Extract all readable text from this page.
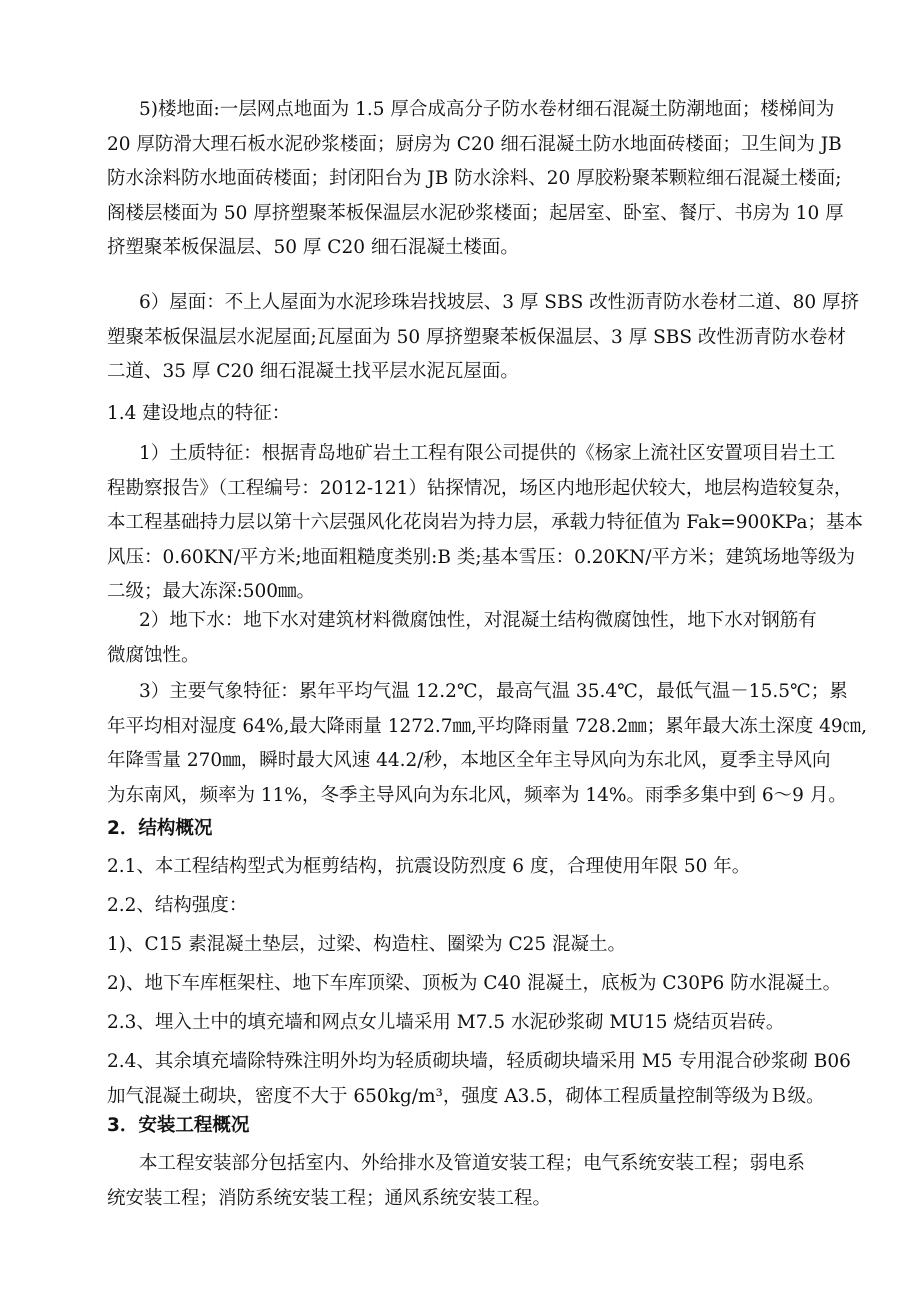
5)楼地面:一层网点地面为 1.5 厚合成高分子防水卷材细石混凝土防潮地面；楼梯间为
20 厚防滑大理石板水泥砂浆楼面；厨房为 C20 细石混凝土防水地面砖楼面；卫生间为 JB
防水涂料防水地面砖楼面；封闭阳台为 JB 防水涂料、20 厚胶粉聚苯颗粒细石混凝土楼面;
阁楼层楼面为 50 厚挤塑聚苯板保温层水泥砂浆楼面；起居室、卧室、餐厅、书房为 10 厚
挤塑聚苯板保温层、50 厚 C20 细石混凝土楼面。
6）屋面：不上人屋面为水泥珍珠岩找坡层、3 厚 SBS 改性沥青防水卷材二道、80 厚挤
塑聚苯板保温层水泥屋面;瓦屋面为 50 厚挤塑聚苯板保温层、3 厚 SBS 改性沥青防水卷材
二道、35 厚 C20 细石混凝土找平层水泥瓦屋面。
1.4 建设地点的特征：
1）土质特征：根据青岛地矿岩土工程有限公司提供的《杨家上流社区安置项目岩土工
程勘察报告》（工程编号：2012-121）钻探情况，场区内地形起伏较大，地层构造较复杂，
本工程基础持力层以第十六层强风化花岗岩为持力层，承载力特征值为 Fak=900KPa；基本
风压：0.60KN/平方米;地面粗糙度类别:B 类;基本雪压：0.20KN/平方米；建筑场地等级为
二级；最大冻深:500㎜。
2）地下水：地下水对建筑材料微腐蚀性，对混凝土结构微腐蚀性，地下水对钢筋有
微腐蚀性。
3）主要气象特征：累年平均气温 12.2℃，最高气温 35.4℃，最低气温－15.5℃；累
年平均相对湿度 64%,最大降雨量 1272.7㎜,平均降雨量 728.2㎜；累年最大冻土深度 49㎝,
年降雪量 270㎜，瞬时最大风速 44.2/秒，本地区全年主导风向为东北风，夏季主导风向
为东南风，频率为 11%，冬季主导风向为东北风，频率为 14%。雨季多集中到 6～9 月。
2．结构概况
2.1、本工程结构型式为框剪结构，抗震设防烈度 6 度，合理使用年限 50 年。
2.2、结构强度：
1)、C15 素混凝土垫层，过梁、构造柱、圈梁为 C25 混凝土。
2)、地下车库框架柱、地下车库顶梁、顶板为 C40 混凝土，底板为 C30P6 防水混凝土。
2.3、埋入土中的填充墙和网点女儿墙采用 M7.5 水泥砂浆砌 MU15 烧结页岩砖。
2.4、其余填充墙除特殊注明外均为轻质砌块墙，轻质砌块墙采用 M5 专用混合砂浆砌 B06
加气混凝土砌块，密度不大于 650kg/m³，强度 A3.5，砌体工程质量控制等级为Ｂ级。
3．安装工程概况
本工程安装部分包括室内、外给排水及管道安装工程；电气系统安装工程；弱电系
统安装工程；消防系统安装工程；通风系统安装工程。
